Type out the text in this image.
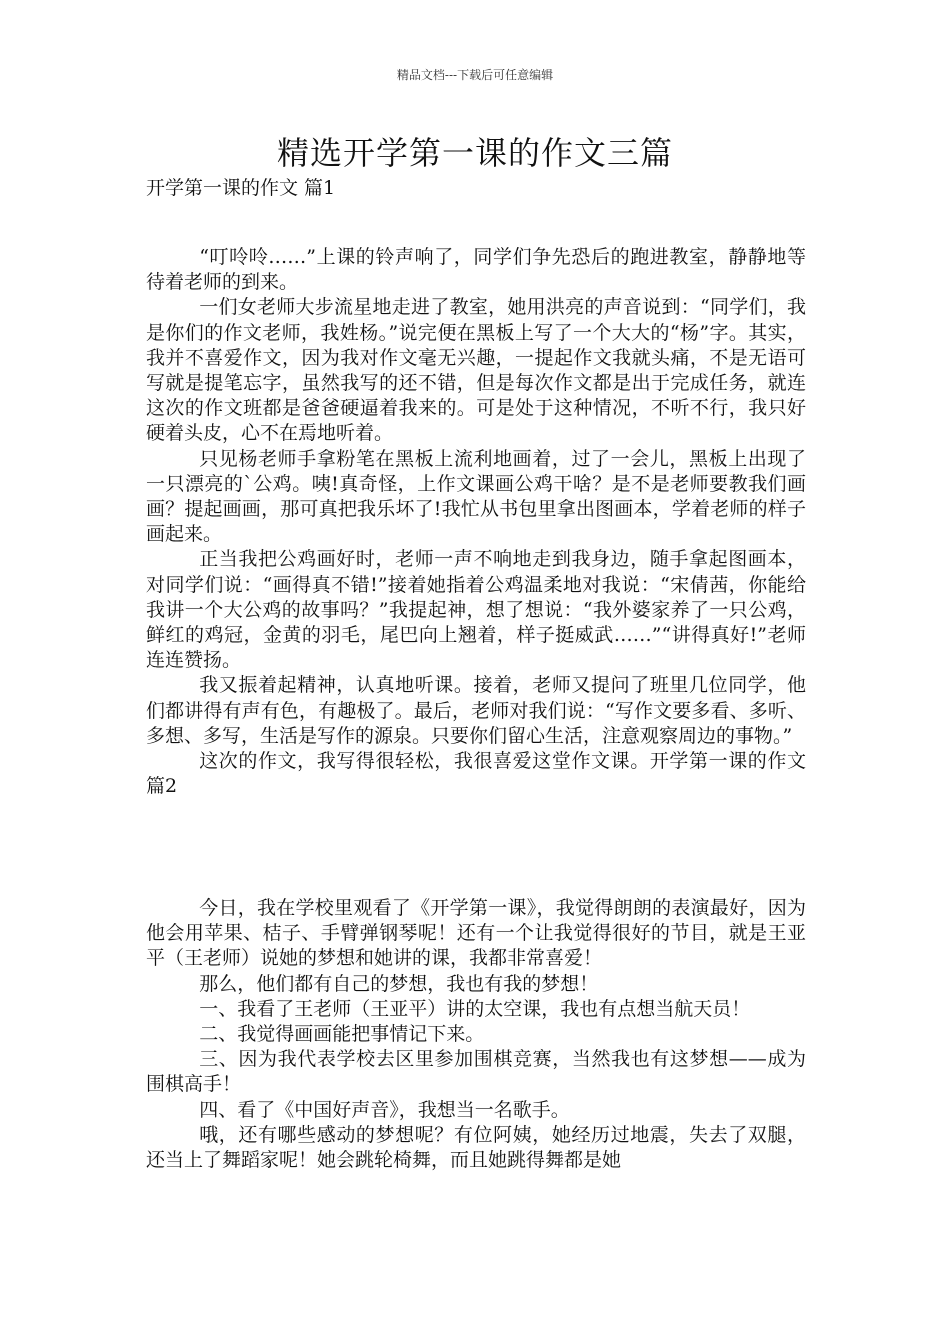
精品文档---下载后可任意编辑
精选开学第一课的作文三篇
开学第一课的作文 篇1

“叮呤呤……”上课的铃声响了，同学们争先恐后的跑进教室，静静地等待着老师的到来。

一们女老师大步流星地走进了教室，她用洪亮的声音说到：“同学们，我是你们的作文老师，我姓杨。”说完便在黑板上写了一个大大的“杨”字。其实，我并不喜爱作文，因为我对作文毫无兴趣，一提起作文我就头痛，不是无语可写就是提笔忘字，虽然我写的还不错，但是每次作文都是出于完成任务，就连这次的作文班都是爸爸硬逼着我来的。可是处于这种情况，不听不行，我只好硬着头皮，心不在焉地听着。

只见杨老师手拿粉笔在黑板上流利地画着，过了一会儿，黑板上出现了一只漂亮的`公鸡。咦!真奇怪，上作文课画公鸡干啥？是不是老师要教我们画画？提起画画，那可真把我乐坏了!我忙从书包里拿出图画本，学着老师的样子画起来。

正当我把公鸡画好时，老师一声不响地走到我身边，随手拿起图画本，对同学们说：“画得真不错!”接着她指着公鸡温柔地对我说：“宋倩茜，你能给我讲一个大公鸡的故事吗？”我提起神，想了想说：“我外婆家养了一只公鸡，鲜红的鸡冠，金黄的羽毛，尾巴向上翘着，样子挺威武……”“讲得真好!”老师连连赞扬。

我又振着起精神，认真地听课。接着，老师又提问了班里几位同学，他们都讲得有声有色，有趣极了。最后，老师对我们说：“写作文要多看、多听、多想、多写，生活是写作的源泉。只要你们留心生活，注意观察周边的事物。”

这次的作文，我写得很轻松，我很喜爱这堂作文课。开学第一课的作文 篇2

今日，我在学校里观看了《开学第一课》，我觉得朗朗的表演最好，因为他会用苹果、桔子、手臂弹钢琴呢！还有一个让我觉得很好的节目，就是王亚平（王老师）说她的梦想和她讲的课，我都非常喜爱！

那么，他们都有自己的梦想，我也有我的梦想！

一、我看了王老师（王亚平）讲的太空课，我也有点想当航天员！

二、我觉得画画能把事情记下来。

三、因为我代表学校去区里参加围棋竞赛，当然我也有这梦想——成为围棋高手！

四、看了《中国好声音》，我想当一名歌手。

哦，还有哪些感动的梦想呢？有位阿姨，她经历过地震，失去了双腿，还当上了舞蹈家呢！她会跳轮椅舞，而且她跳得舞都是她
